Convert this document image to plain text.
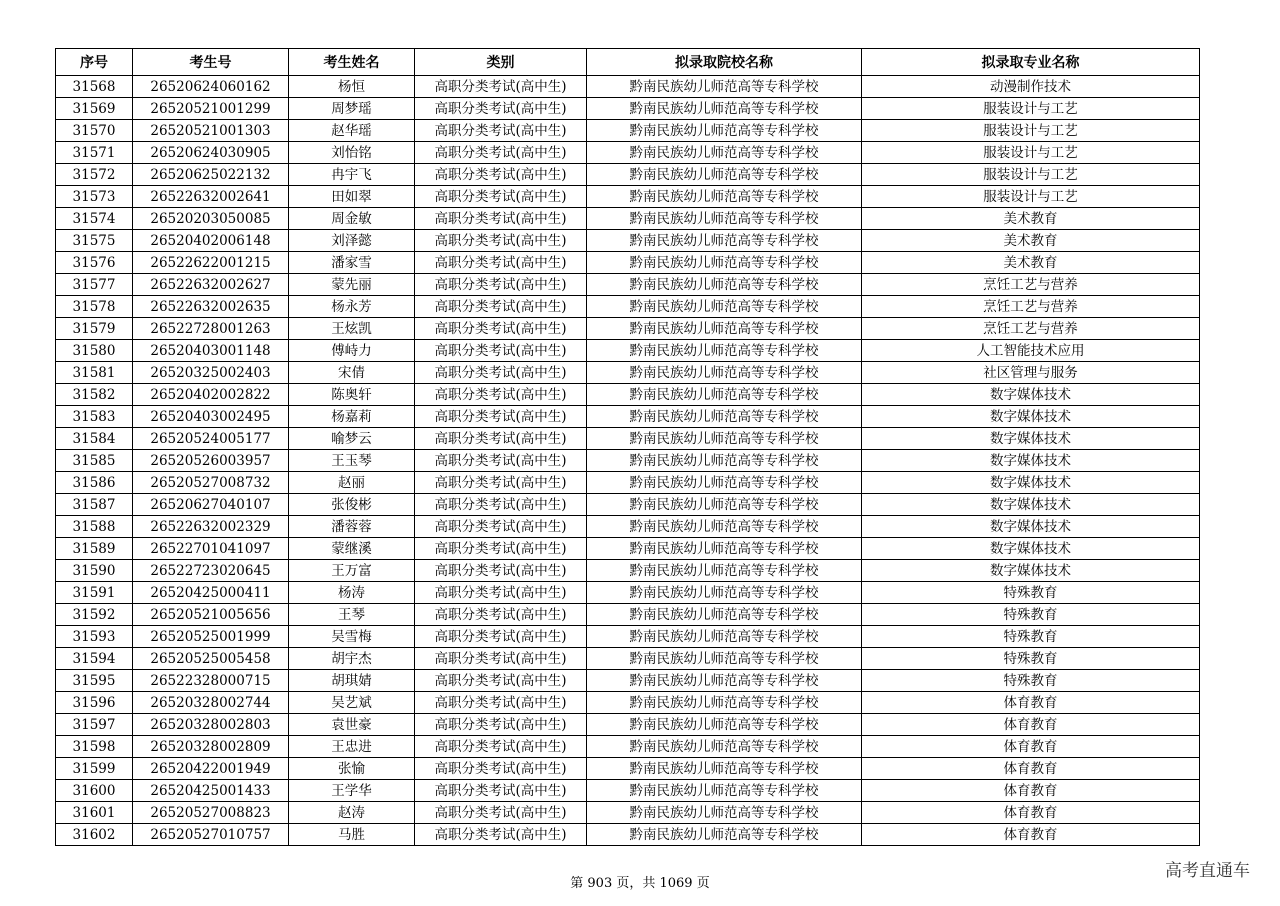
序号	考生号	考生姓名	类别	拟录取院校名称	拟录取专业名称
31568	26520624060162	杨恒	高职分类考试(高中生)	黔南民族幼儿师范高等专科学校	动漫制作技术
31569	26520521001299	周梦瑶	高职分类考试(高中生)	黔南民族幼儿师范高等专科学校	服装设计与工艺
31570	26520521001303	赵华瑶	高职分类考试(高中生)	黔南民族幼儿师范高等专科学校	服装设计与工艺
31571	26520624030905	刘怡铭	高职分类考试(高中生)	黔南民族幼儿师范高等专科学校	服装设计与工艺
31572	26520625022132	冉宇飞	高职分类考试(高中生)	黔南民族幼儿师范高等专科学校	服装设计与工艺
31573	26522632002641	田如翠	高职分类考试(高中生)	黔南民族幼儿师范高等专科学校	服装设计与工艺
31574	26520203050085	周金敏	高职分类考试(高中生)	黔南民族幼儿师范高等专科学校	美术教育
31575	26520402006148	刘泽懿	高职分类考试(高中生)	黔南民族幼儿师范高等专科学校	美术教育
31576	26522622001215	潘家雪	高职分类考试(高中生)	黔南民族幼儿师范高等专科学校	美术教育
31577	26522632002627	蒙先丽	高职分类考试(高中生)	黔南民族幼儿师范高等专科学校	烹饪工艺与营养
31578	26522632002635	杨永芳	高职分类考试(高中生)	黔南民族幼儿师范高等专科学校	烹饪工艺与营养
31579	26522728001263	王炫凯	高职分类考试(高中生)	黔南民族幼儿师范高等专科学校	烹饪工艺与营养
31580	26520403001148	傅峙力	高职分类考试(高中生)	黔南民族幼儿师范高等专科学校	人工智能技术应用
31581	26520325002403	宋倩	高职分类考试(高中生)	黔南民族幼儿师范高等专科学校	社区管理与服务
31582	26520402002822	陈奥轩	高职分类考试(高中生)	黔南民族幼儿师范高等专科学校	数字媒体技术
31583	26520403002495	杨嘉莉	高职分类考试(高中生)	黔南民族幼儿师范高等专科学校	数字媒体技术
31584	26520524005177	喻梦云	高职分类考试(高中生)	黔南民族幼儿师范高等专科学校	数字媒体技术
31585	26520526003957	王玉琴	高职分类考试(高中生)	黔南民族幼儿师范高等专科学校	数字媒体技术
31586	26520527008732	赵丽	高职分类考试(高中生)	黔南民族幼儿师范高等专科学校	数字媒体技术
31587	26520627040107	张俊彬	高职分类考试(高中生)	黔南民族幼儿师范高等专科学校	数字媒体技术
31588	26522632002329	潘蓉蓉	高职分类考试(高中生)	黔南民族幼儿师范高等专科学校	数字媒体技术
31589	26522701041097	蒙继溪	高职分类考试(高中生)	黔南民族幼儿师范高等专科学校	数字媒体技术
31590	26522723020645	王万富	高职分类考试(高中生)	黔南民族幼儿师范高等专科学校	数字媒体技术
31591	26520425000411	杨涛	高职分类考试(高中生)	黔南民族幼儿师范高等专科学校	特殊教育
31592	26520521005656	王琴	高职分类考试(高中生)	黔南民族幼儿师范高等专科学校	特殊教育
31593	26520525001999	吴雪梅	高职分类考试(高中生)	黔南民族幼儿师范高等专科学校	特殊教育
31594	26520525005458	胡宇杰	高职分类考试(高中生)	黔南民族幼儿师范高等专科学校	特殊教育
31595	26522328000715	胡琪婧	高职分类考试(高中生)	黔南民族幼儿师范高等专科学校	特殊教育
31596	26520328002744	吴艺斌	高职分类考试(高中生)	黔南民族幼儿师范高等专科学校	体育教育
31597	26520328002803	袁世豪	高职分类考试(高中生)	黔南民族幼儿师范高等专科学校	体育教育
31598	26520328002809	王忠进	高职分类考试(高中生)	黔南民族幼儿师范高等专科学校	体育教育
31599	26520422001949	张愉	高职分类考试(高中生)	黔南民族幼儿师范高等专科学校	体育教育
31600	26520425001433	王学华	高职分类考试(高中生)	黔南民族幼儿师范高等专科学校	体育教育
31601	26520527008823	赵涛	高职分类考试(高中生)	黔南民族幼儿师范高等专科学校	体育教育
31602	26520527010757	马胜	高职分类考试(高中生)	黔南民族幼儿师范高等专科学校	体育教育
第 903 页，共 1069 页
高考直通车
